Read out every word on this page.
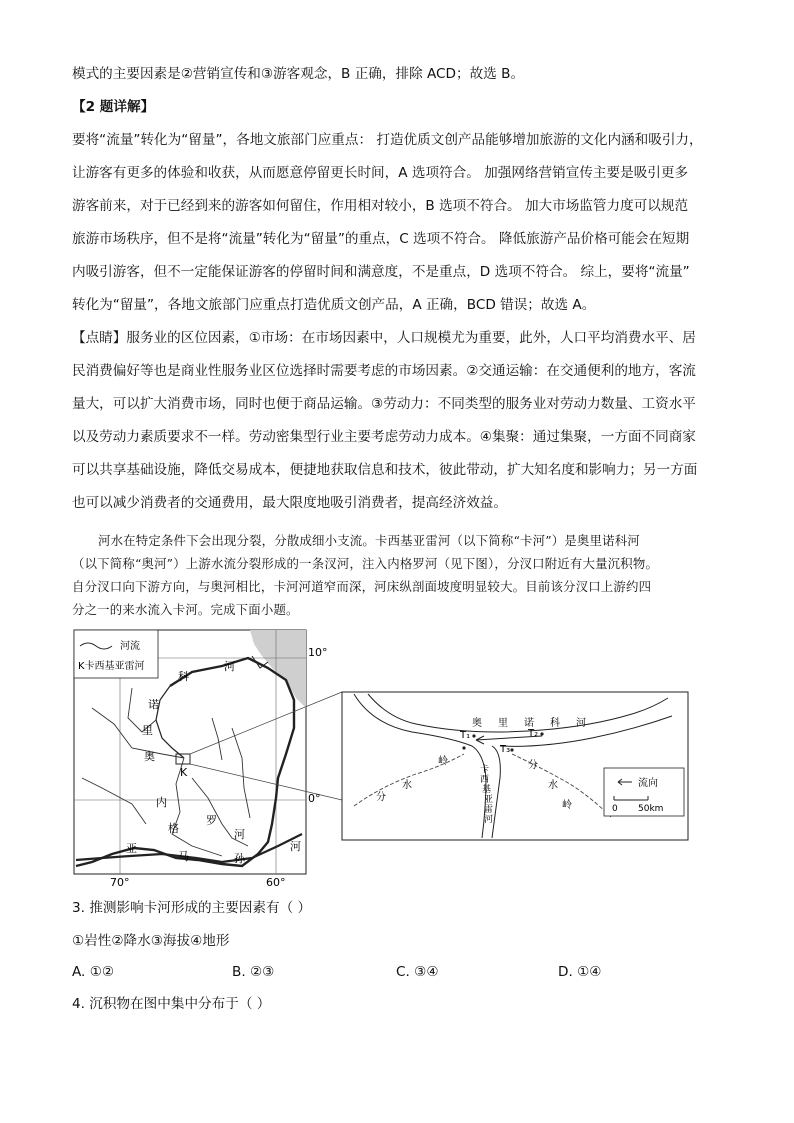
模式的主要因素是②营销宣传和③游客观念，B 正确，排除 ACD；故选 B。
【2 题详解】
要将“流量”转化为“留量”，各地文旅部门应重点： 打造优质文创产品能够增加旅游的文化内涵和吸引力，
让游客有更多的体验和收获，从而愿意停留更长时间，A 选项符合。 加强网络营销宣传主要是吸引更多
游客前来，对于已经到来的游客如何留住，作用相对较小，B 选项不符合。 加大市场监管力度可以规范
旅游市场秩序，但不是将“流量”转化为“留量”的重点，C 选项不符合。 降低旅游产品价格可能会在短期
内吸引游客，但不一定能保证游客的停留时间和满意度，不是重点，D 选项不符合。 综上，要将“流量”
转化为“留量”，各地文旅部门应重点打造优质文创产品，A 正确，BCD 错误；故选 A。
【点睛】服务业的区位因素，①市场：在市场因素中，人口规模尤为重要，此外，人口平均消费水平、居
民消费偏好等也是商业性服务业区位选择时需要考虑的市场因素。②交通运输：在交通便利的地方，客流
量大，可以扩大消费市场，同时也便于商品运输。③劳动力：不同类型的服务业对劳动力数量、工资水平
以及劳动力素质要求不一样。劳动密集型行业主要考虑劳动力成本。④集聚：通过集聚，一方面不同商家
可以共享基础设施，降低交易成本，便捷地获取信息和技术，彼此带动，扩大知名度和影响力；另一方面
也可以减少消费者的交通费用，最大限度地吸引消费者，提高经济效益。
河水在特定条件下会出现分裂，分散成细小支流。卡西基亚雷河（以下简称“卡河”）是奥里诺科河
（以下简称“奥河”）上游水流分裂形成的一条汊河，注入内格罗河（见下图），分汊口附近有大量沉积物。
自分汊口向下游方向，与奥河相比，卡河河道窄而深，河床纵剖面坡度明显较大。目前该分汊口上游约四
分之一的来水流入卡河。完成下面小题。
K
河流
K卡西基亚雷河
10°
0°
70°	60°
河
科
诺
里
奥
内
格
罗
河
亚
马	孙
河
T₁	T₂
T₃
奥 里 诺 科 河
分
水
岭	分
水
岭
卡
西
基
亚
雷
河
流向
0 50km
3. 推测影响卡河形成的主要因素有（ ）
①岩性②降水③海拔④地形
A. ①②	B. ②③	C. ③④	D. ①④
4. 沉积物在图中集中分布于（ ）
